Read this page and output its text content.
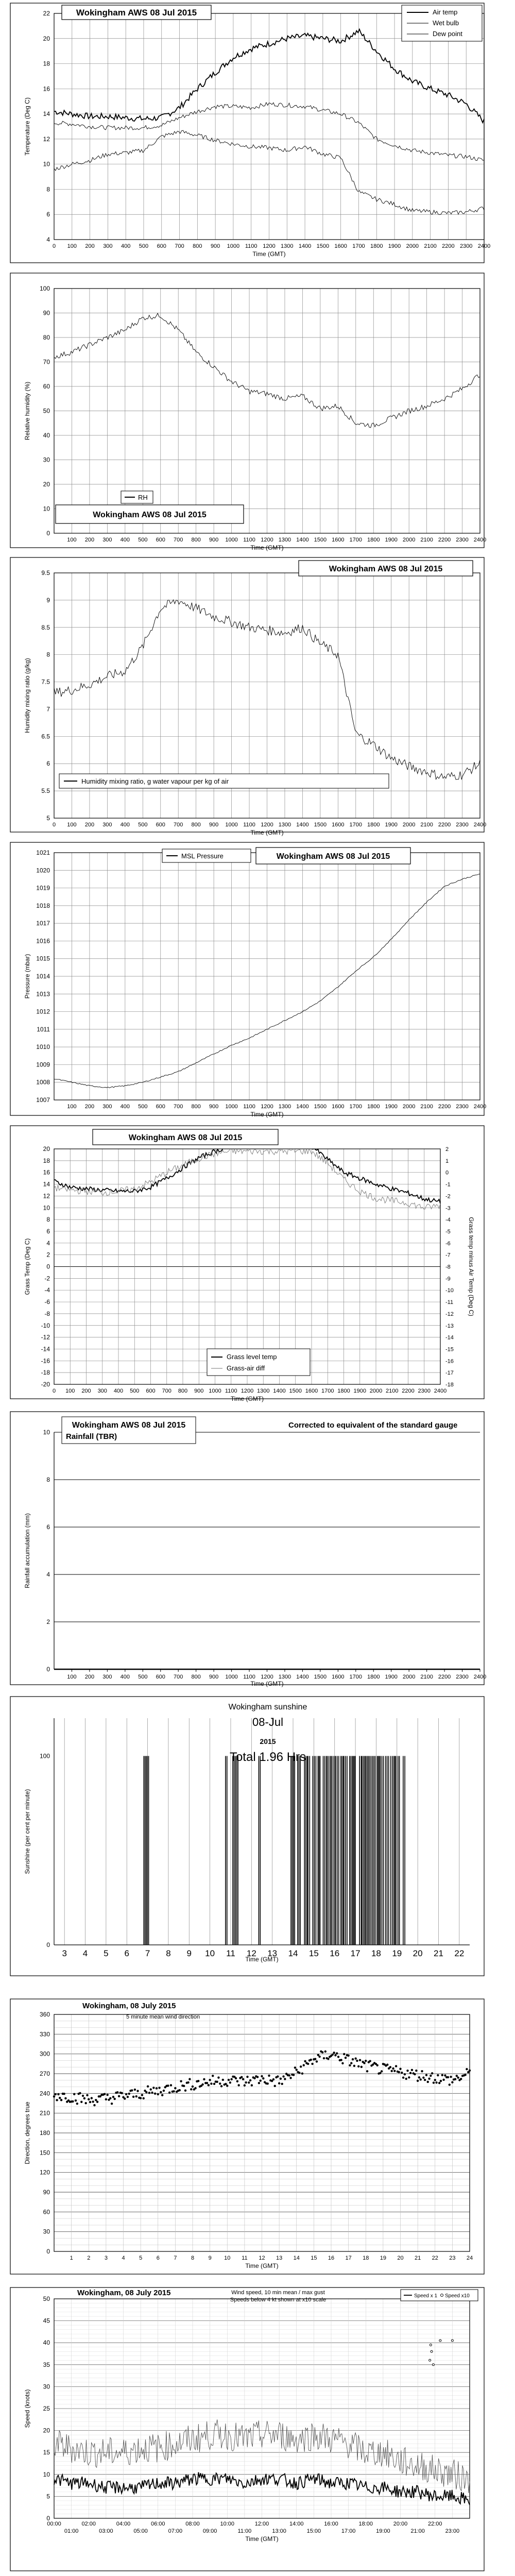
4
6
8
10
12
14
16
18
20
22
0 100 200 300 400 500 600 700 800 900 1000 1100 1200 1300 1400 1500 1600 1700 1800 1900 2000 2100 2200 2300 2400
Time (GMT)
Temperature (Deg C)
Wokingham AWS 08 Jul 2015	Air temp
Wet bulb
Dew point
0
10
20
30
40
50
60
70
80
90
100
100 200 300 400 500 600 700 800 900 1000 1100 1200 1300 1400 1500 1600 1700 1800 1900 2000 2100 2200 2300 2400
Time (GMT)
Relative humidity (%)
RH
Wokingham AWS 08 Jul 2015
5
5.5
6
6.5
7
7.5
8
8.5
9
9.5
0 100 200 300 400 500 600 700 800 900 1000 1100 1200 1300 1400 1500 1600 1700 1800 1900 2000 2100 2200 2300 2400
Time (GMT)
Humidity mixing ratio (g/kg)
Wokingham AWS 08 Jul 2015
Humidity mixing ratio, g water vapour per kg of air
1007
1008
1009
1010
1011
1012
1013
1014
1015
1016
1017
1018
1019
1020
1021
100 200 300 400 500 600 700 800 900 1000 1100 1200 1300 1400 1500 1600 1700 1800 1900 2000 2100 2200 2300 2400
Time (GMT)
Pressure (mbar)
MSL Pressure	Wokingham AWS 08 Jul 2015
-20
-18
-16
-14
-12
-10
-8
-6
-4
-2
0
2
4
6
8
10
12
14
16
18
20
0 100 200 300 400 500 600 700 800 900 1000 1100 1200 1300 1400 1500 1600 1700 1800 1900 2000 2100 2200 2300 2400
Time (GMT)
Grass Temp (Deg C)
-18
-17
-16
-15
-14
-13
-12
-11
-10
-9
-8
-7
-6
-5
-4
-3
-2
-1
0
1
2
Grass temp minus Air Temp (Deg C)
Wokingham AWS 08 Jul 2015
Grass level temp
Grass-air diff
0
2
4
6
8
10
100 200 300 400 500 600 700 800 900 1000 1100 1200 1300 1400 1500 1600 1700 1800 1900 2000 2100 2200 2300 2400
Time (GMT)
Rainfall accumulation (mm)
Wokingham AWS 08 Jul 2015
Rainfall (TBR)
Corrected to equivalent of the standard gauge
3 4 5 6 7 8 9 10 11 12 13 14 15 16 17 18 19 20 21 22
0
100
Time (GMT)
Sunshine (per cent per minute)
Wokingham sunshine
08-Jul
2015
Total 1.96 Hrs
0
30
60
90
120
150
180
210
240
270
300
330
360
1	2	3	4	5	6	7	8	9 10 11 12 13 14 15 16 17 18 19 20 21 22 23 24
Time (GMT)
Direction, degrees true
Wokingham, 08 July 2015
5 minute mean wind direction
0
5
10
15
20
25
30
35
40
45
50
00:00	02:00	04:00	06:00	08:00	10:00	12:00	14:00	16:00	18:00	20:00	22:00
01:00	03:00	05:00	07:00	09:00	11:00	13:00	15:00	17:00	19:00	21:00	23:00
Time (GMT)
Speed (knots)
Wokingham, 08 July 2015	Wind speed, 10 min mean / max gust
Speeds below 4 kt shown at x10 scale
Speed x 1 Speed x10
